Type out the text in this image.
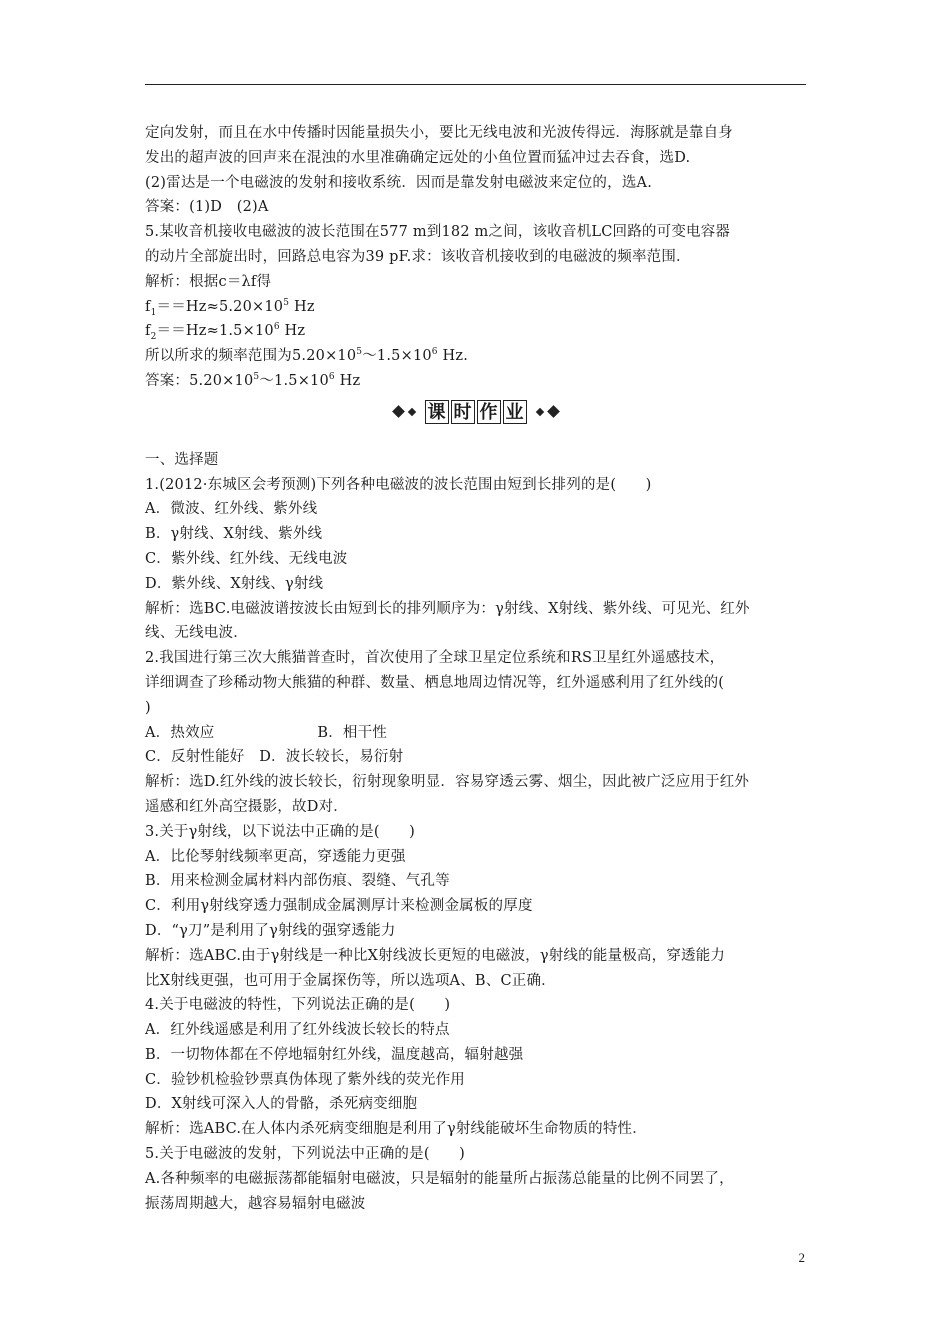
定向发射，而且在水中传播时因能量损失小，要比无线电波和光波传得远．海豚就是靠自身
发出的超声波的回声来在混浊的水里准确确定远处的小鱼位置而猛冲过去吞食，选D.
(2)雷达是一个电磁波的发射和接收系统．因而是靠发射电磁波来定位的，选A.
答案：(1)D　(2)A
5.某收音机接收电磁波的波长范围在577 m到182 m之间，该收音机LC回路的可变电容器
的动片全部旋出时，回路总电容为39 pF.求：该收音机接收到的电磁波的频率范围．
解析：根据c＝λf得
$f_1==Hz\approx 5.20\times 10^5$ Hz
$f_2==Hz\approx 1.5\times 10^6$ Hz
所以所求的频率范围为$5.20\times 10^5\sim 1.5\times 10^6$ Hz.
答案：$5.20\times 10^5\sim 1.5\times 10^6$ Hz
课 时 作 业
一、选择题
1.(2012·东城区会考预测)下列各种电磁波的波长范围由短到长排列的是(　　)
A．微波、红外线、紫外线
B．γ射线、X射线、紫外线
C．紫外线、红外线、无线电波
D．紫外线、X射线、γ射线
解析：选BC.电磁波谱按波长由短到长的排列顺序为：γ射线、X射线、紫外线、可见光、红外
线、无线电波．
2.我国进行第三次大熊猫普查时，首次使用了全球卫星定位系统和RS卫星红外遥感技术，
详细调查了珍稀动物大熊猫的种群、数量、栖息地周边情况等，红外遥感利用了红外线的(
)
A．热效应　　　　　　　B．相干性
C．反射性能好　D．波长较长，易衍射
解析：选D.红外线的波长较长，衍射现象明显．容易穿透云雾、烟尘，因此被广泛应用于红外
遥感和红外高空摄影，故D对．
3.关于γ射线，以下说法中正确的是(　　)
A．比伦琴射线频率更高，穿透能力更强
B．用来检测金属材料内部伤痕、裂缝、气孔等
C．利用γ射线穿透力强制成金属测厚计来检测金属板的厚度
D．“γ刀”是利用了γ射线的强穿透能力
解析：选ABC.由于γ射线是一种比X射线波长更短的电磁波，γ射线的能量极高，穿透能力
比X射线更强，也可用于金属探伤等，所以选项A、B、C正确．
4.关于电磁波的特性，下列说法正确的是(　　)
A．红外线遥感是利用了红外线波长较长的特点
B．一切物体都在不停地辐射红外线，温度越高，辐射越强
C．验钞机检验钞票真伪体现了紫外线的荧光作用
D．X射线可深入人的骨骼，杀死病变细胞
解析：选ABC.在人体内杀死病变细胞是利用了γ射线能破坏生命物质的特性．
5.关于电磁波的发射，下列说法中正确的是(　　)
A.各种频率的电磁振荡都能辐射电磁波，只是辐射的能量所占振荡总能量的比例不同罢了，
振荡周期越大，越容易辐射电磁波
2
